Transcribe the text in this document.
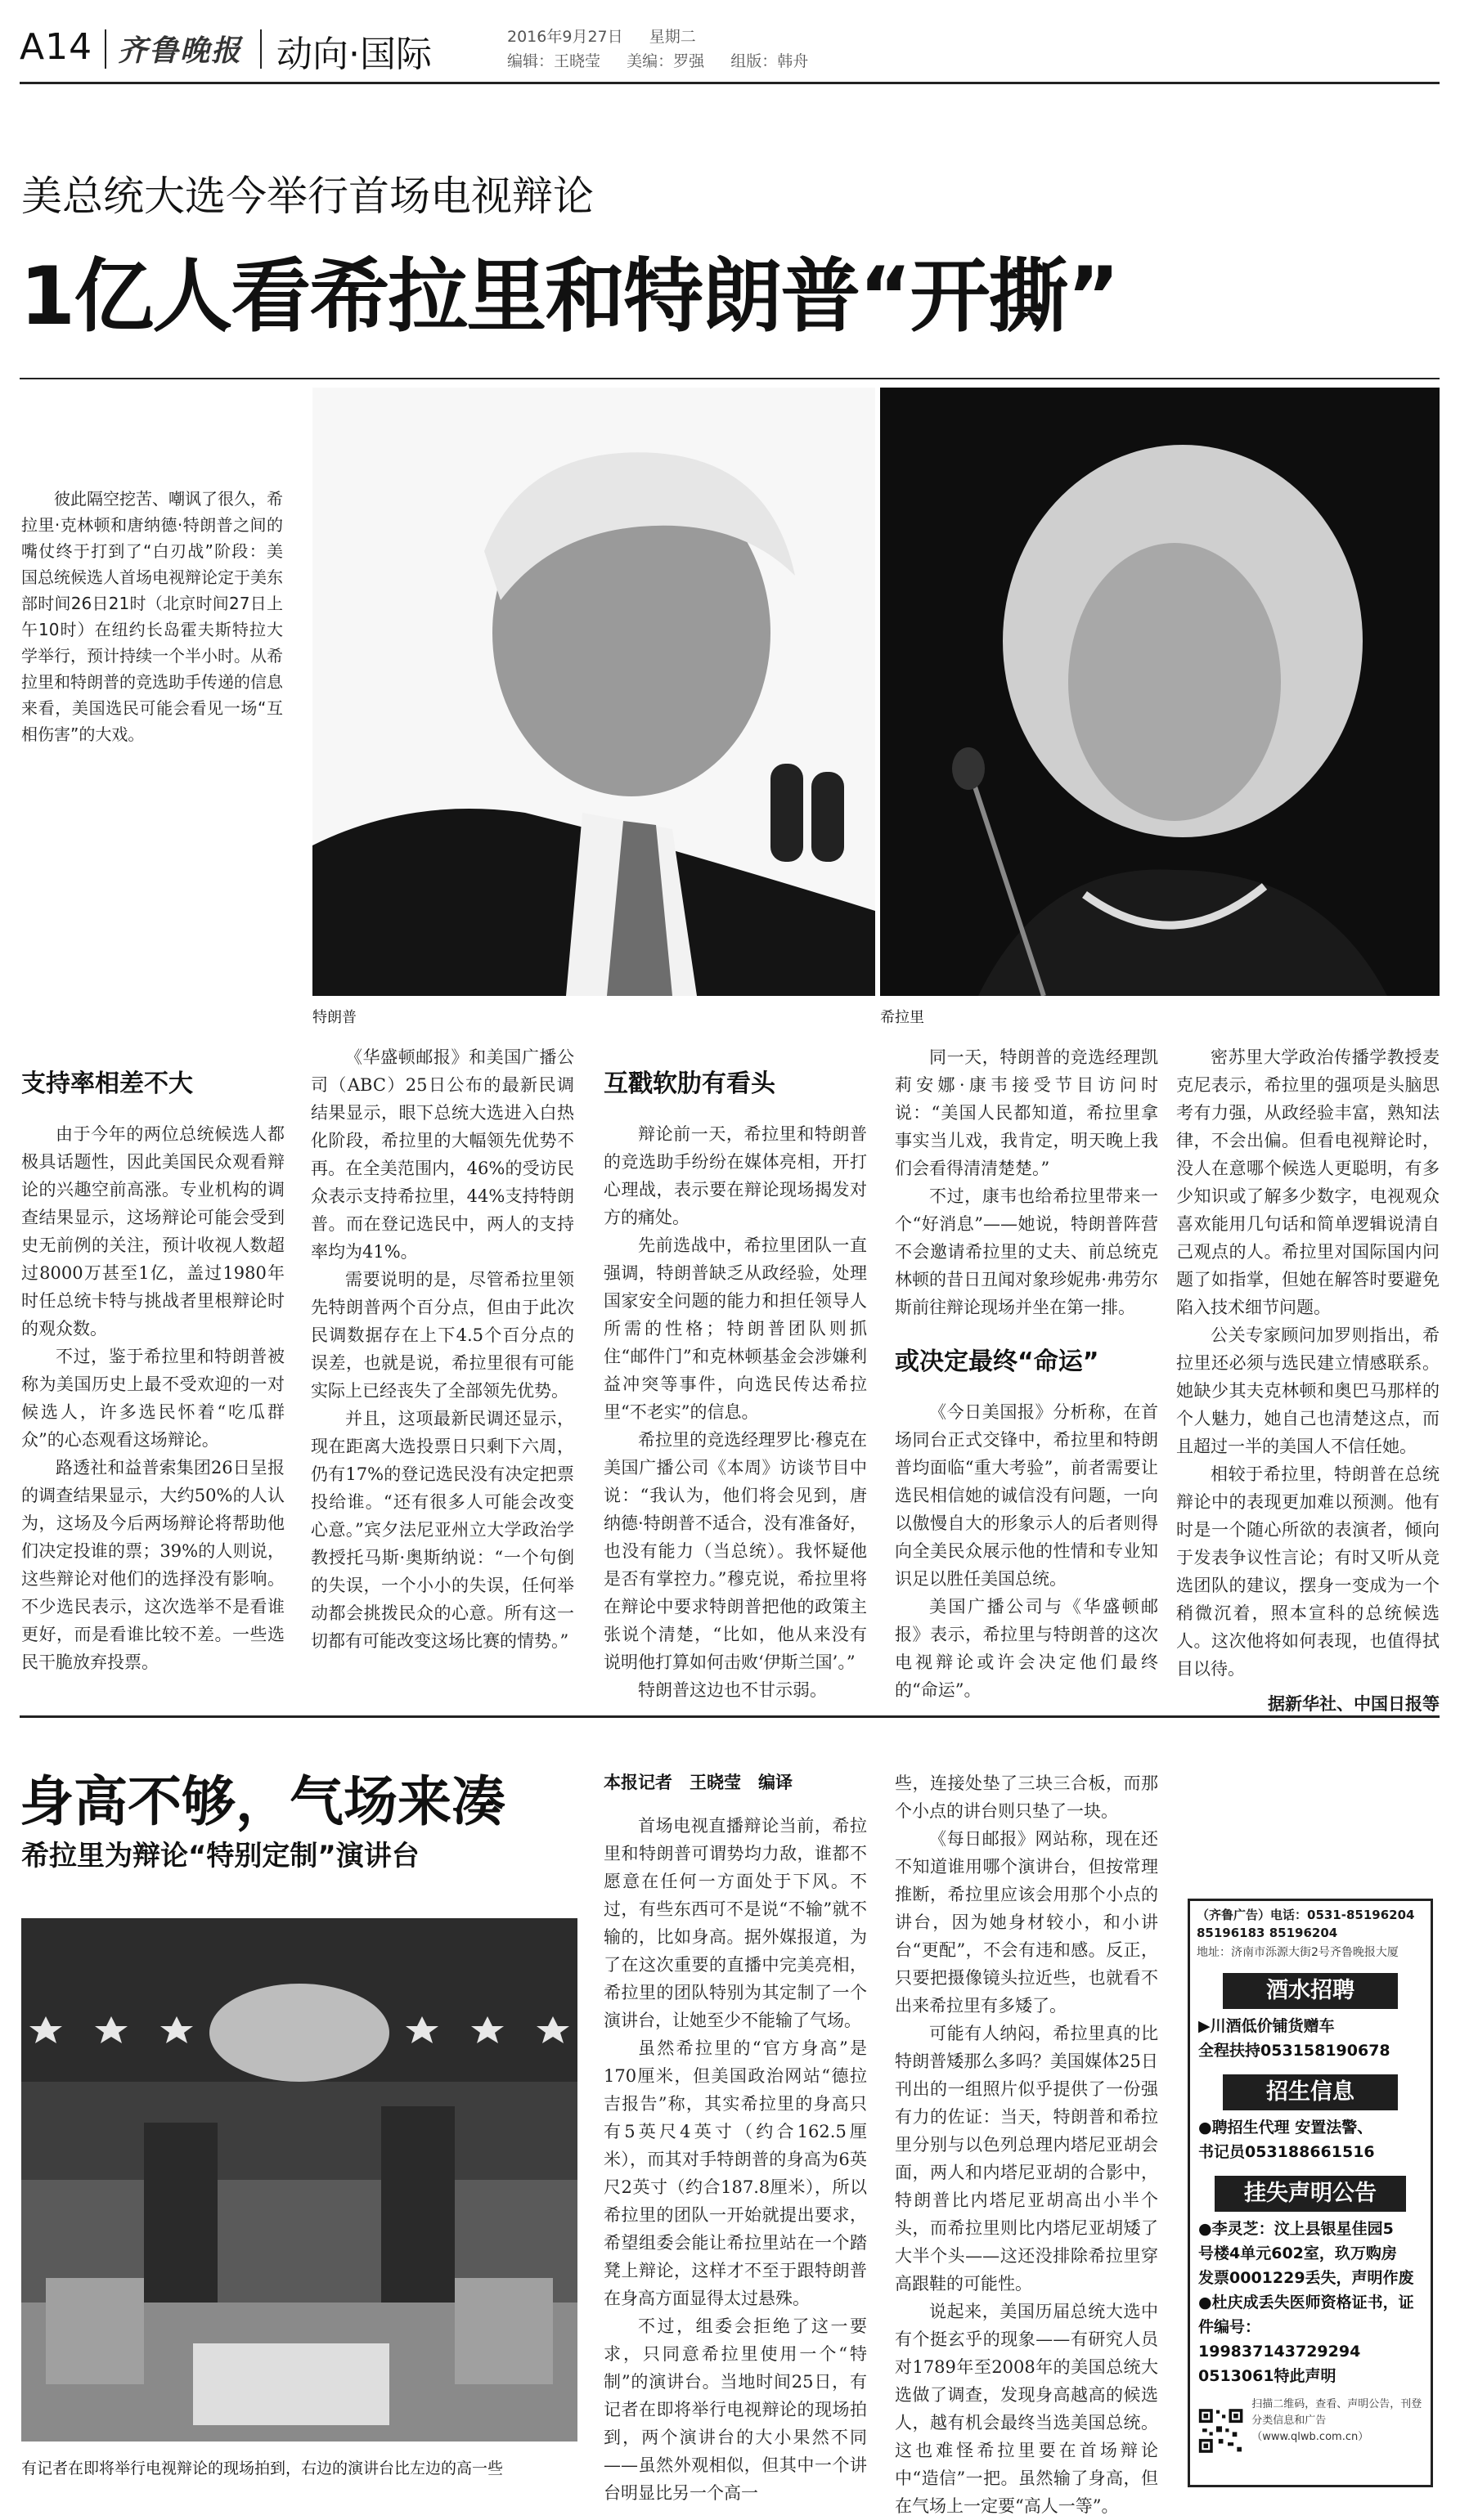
A14 齐鲁晚报 动向·国际	2016年9月27日 星期二
编辑：王晓莹 美编：罗强 组版：韩舟
美总统大选今举行首场电视辩论
1亿人看希拉里和特朗普“开撕”

彼此隔空挖苦、嘲讽了很久，希拉里·克林顿和唐纳德·特朗普之间的嘴仗终于打到了“白刃战”阶段：美国总统候选人首场电视辩论定于美东部时间26日21时（北京时间27日上午10时）在纽约长岛霍夫斯特拉大学举行，预计持续一个半小时。从希拉里和特朗普的竞选助手传递的信息来看，美国选民可能会看见一场“互相伤害”的大戏。

特朗普	希拉里
支持率相差不大

由于今年的两位总统候选人都极具话题性，因此美国民众观看辩论的兴趣空前高涨。专业机构的调查结果显示，这场辩论可能会受到史无前例的关注，预计收视人数超过8000万甚至1亿，盖过1980年时任总统卡特与挑战者里根辩论时的观众数。

不过，鉴于希拉里和特朗普被称为美国历史上最不受欢迎的一对候选人，许多选民怀着“吃瓜群众”的心态观看这场辩论。

路透社和益普索集团26日呈报的调查结果显示，大约50%的人认为，这场及今后两场辩论将帮助他们决定投谁的票；39%的人则说，这些辩论对他们的选择没有影响。不少选民表示，这次选举不是看谁更好，而是看谁比较不差。一些选民干脆放弃投票。

《华盛顿邮报》和美国广播公司（ABC）25日公布的最新民调结果显示，眼下总统大选进入白热化阶段，希拉里的大幅领先优势不再。在全美范围内，46%的受访民众表示支持希拉里，44%支持特朗普。而在登记选民中，两人的支持率均为41%。

需要说明的是，尽管希拉里领先特朗普两个百分点，但由于此次民调数据存在上下4.5个百分点的误差，也就是说，希拉里很有可能实际上已经丧失了全部领先优势。

并且，这项最新民调还显示，现在距离大选投票日只剩下六周，仍有17%的登记选民没有决定把票投给谁。“还有很多人可能会改变心意。”宾夕法尼亚州立大学政治学教授托马斯·奥斯纳说：“一个句倒的失误，一个小小的失误，任何举动都会挑拨民众的心意。所有这一切都有可能改变这场比赛的情势。”

互戳软肋有看头

辩论前一天，希拉里和特朗普的竞选助手纷纷在媒体亮相，开打心理战，表示要在辩论现场揭发对方的痛处。

先前选战中，希拉里团队一直强调，特朗普缺乏从政经验，处理国家安全问题的能力和担任领导人所需的性格；特朗普团队则抓住“邮件门”和克林顿基金会涉嫌利益冲突等事件，向选民传达希拉里“不老实”的信息。

希拉里的竞选经理罗比·穆克在美国广播公司《本周》访谈节目中说：“我认为，他们将会见到，唐纳德·特朗普不适合，没有准备好，也没有能力（当总统）。我怀疑他是否有掌控力。”穆克说，希拉里将在辩论中要求特朗普把他的政策主张说个清楚，“比如，他从来没有说明他打算如何击败‘伊斯兰国’。”

特朗普这边也不甘示弱。

同一天，特朗普的竞选经理凯莉安娜·康韦接受节目访问时说：“美国人民都知道，希拉里拿事实当儿戏，我肯定，明天晚上我们会看得清清楚楚。”

不过，康韦也给希拉里带来一个“好消息”——她说，特朗普阵营不会邀请希拉里的丈夫、前总统克林顿的昔日丑闻对象珍妮弗·弗劳尔斯前往辩论现场并坐在第一排。

或决定最终“命运”

《今日美国报》分析称，在首场同台正式交锋中，希拉里和特朗普均面临“重大考验”，前者需要让选民相信她的诚信没有问题，一向以傲慢自大的形象示人的后者则得向全美民众展示他的性情和专业知识足以胜任美国总统。

美国广播公司与《华盛顿邮报》表示，希拉里与特朗普的这次电视辩论或许会决定他们最终的“命运”。

密苏里大学政治传播学教授麦克尼表示，希拉里的强项是头脑思考有力强，从政经验丰富，熟知法律，不会出偏。但看电视辩论时，没人在意哪个候选人更聪明，有多少知识或了解多少数字，电视观众喜欢能用几句话和简单逻辑说清自己观点的人。希拉里对国际国内问题了如指掌，但她在解答时要避免陷入技术细节问题。

公关专家顾问加罗则指出，希拉里还必须与选民建立情感联系。她缺少其夫克林顿和奥巴马那样的个人魅力，她自己也清楚这点，而且超过一半的美国人不信任她。

相较于希拉里，特朗普在总统辩论中的表现更加难以预测。他有时是一个随心所欲的表演者，倾向于发表争议性言论；有时又听从竞选团队的建议，摆身一变成为一个稍微沉着，照本宣科的总统候选人。这次他将如何表现，也值得拭目以待。

据新华社、中国日报等
身高不够，气场来凑
希拉里为辩论“特别定制”演讲台
有记者在即将举行电视辩论的现场拍到，右边的演讲台比左边的高一些
本报记者　王晓莹　编译

首场电视直播辩论当前，希拉里和特朗普可谓势均力敌，谁都不愿意在任何一方面处于下风。不过，有些东西可不是说“不输”就不输的，比如身高。据外媒报道，为了在这次重要的直播中完美亮相，希拉里的团队特别为其定制了一个演讲台，让她至少不能输了气场。

虽然希拉里的“官方身高”是170厘米，但美国政治网站“德拉吉报告”称，其实希拉里的身高只有5英尺4英寸（约合162.5厘米），而其对手特朗普的身高为6英尺2英寸（约合187.8厘米），所以希拉里的团队一开始就提出要求，希望组委会能让希拉里站在一个踏凳上辩论，这样才不至于跟特朗普在身高方面显得太过悬殊。

不过，组委会拒绝了这一要求，只同意希拉里使用一个“特制”的演讲台。当地时间25日，有记者在即将举行电视辩论的现场拍到，两个演讲台的大小果然不同——虽然外观相似，但其中一个讲台明显比另一个高一

些，连接处垫了三块三合板，而那个小点的讲台则只垫了一块。

《每日邮报》网站称，现在还不知道谁用哪个演讲台，但按常理推断，希拉里应该会用那个小点的讲台，因为她身材较小，和小讲台“更配”，不会有违和感。反正，只要把摄像镜头拉近些，也就看不出来希拉里有多矮了。

可能有人纳闷，希拉里真的比特朗普矮那么多吗？美国媒体25日刊出的一组照片似乎提供了一份强有力的佐证：当天，特朗普和希拉里分别与以色列总理内塔尼亚胡会面，两人和内塔尼亚胡的合影中，特朗普比内塔尼亚胡高出小半个头，而希拉里则比内塔尼亚胡矮了大半个头——这还没排除希拉里穿高跟鞋的可能性。

说起来，美国历届总统大选中有个挺玄乎的现象——有研究人员对1789年至2008年的美国总统大选做了调查，发现身高越高的候选人，越有机会最终当选美国总统。这也难怪希拉里要在首场辩论中“造信”一把。虽然输了身高，但在气场上一定要“高人一等”。

（齐鲁广告）电话：0531-85196204 85196183 85196204
地址：济南市泺源大街2号齐鲁晚报大厦
酒水招聘
▶川酒低价铺货赠车
全程扶持053158190678
招生信息
●聘招生代理 安置法警、
书记员053188661516
挂失声明公告
●李灵芝：汶上县银星佳园5
号楼4单元602室，玖万购房
发票0001229丢失，声明作废
●杜庆成丢失医师资格证书，证
件编号：199837143729294
0513061特此声明
扫描二维码，查看、声明公告，刊登分类信息和广告
（www.qlwb.com.cn）
